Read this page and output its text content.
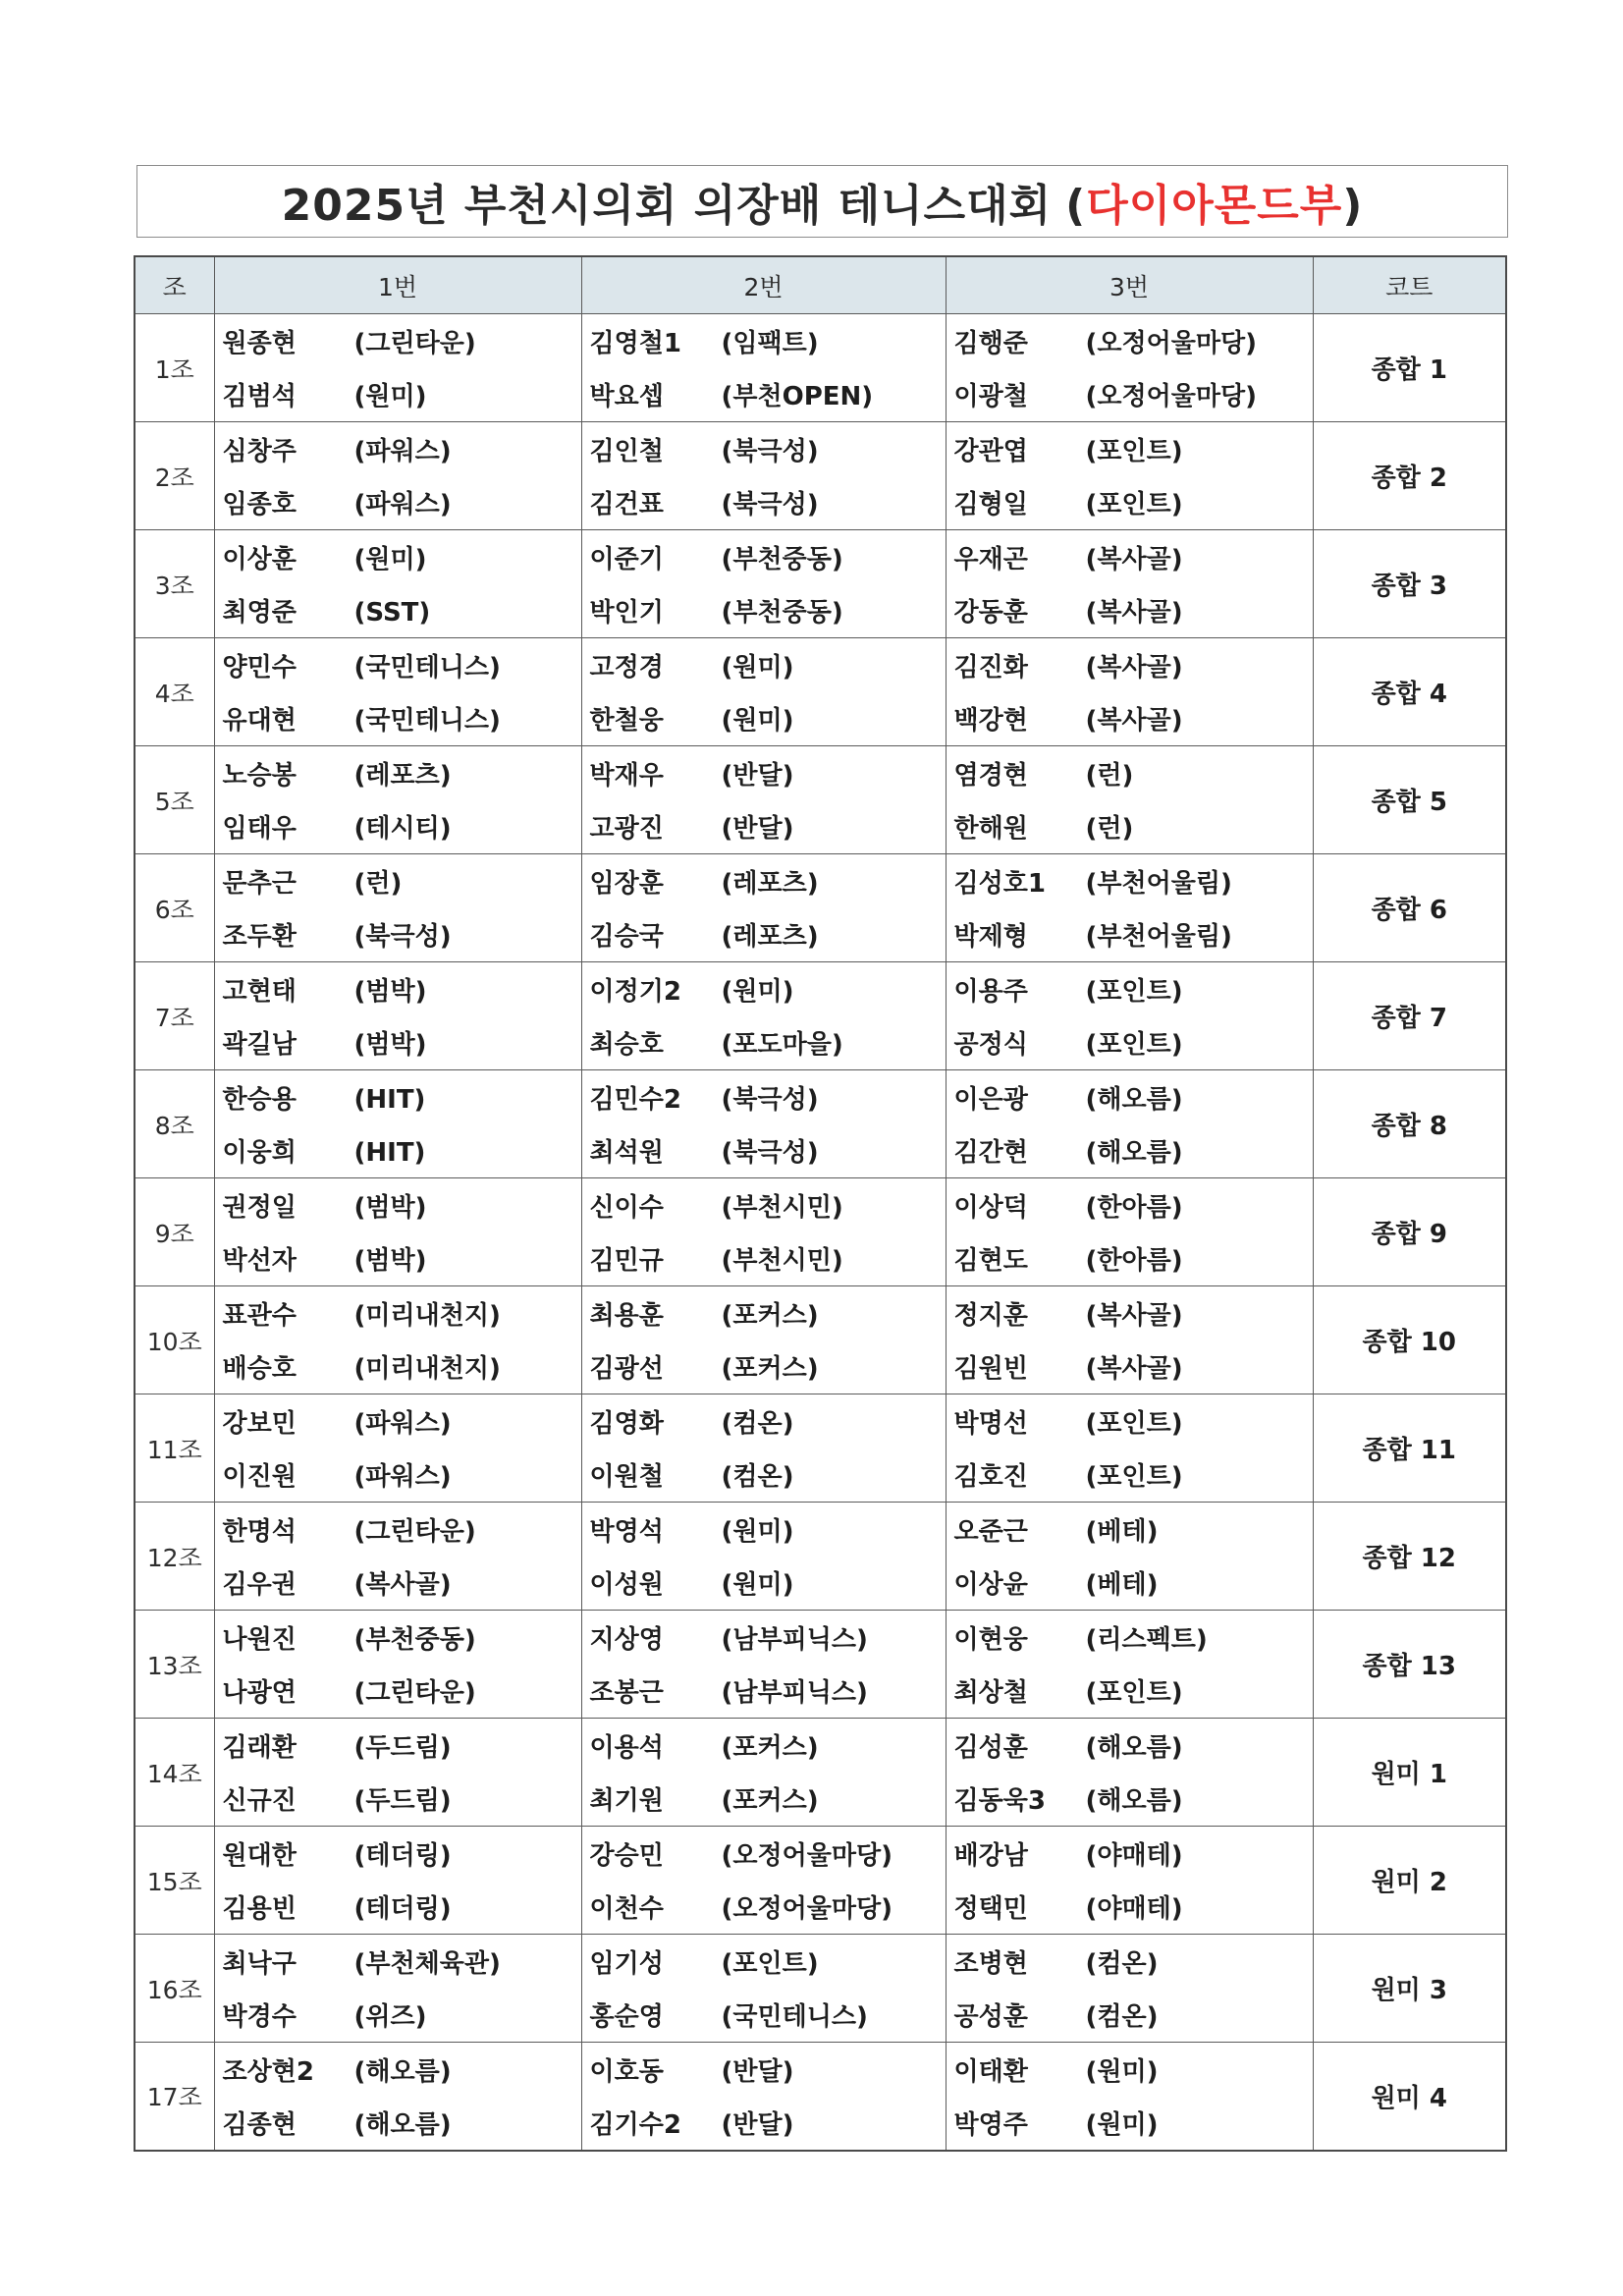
2025년 부천시의회 의장배 테니스대회 (다이아몬드부)
조	1번	2번	3번	코트
1조	원종현 (그린타운)	김영철1 (임팩트)	김행준 (오정어울마당)	종합 1
	김범석 (원미)	박요셉 (부천OPEN)	이광철 (오정어울마당)	
2조	심창주 (파워스)	김인철 (북극성)	강관엽 (포인트)	종합 2
	임종호 (파워스)	김건표 (북극성)	김형일 (포인트)	
3조	이상훈 (원미)	이준기 (부천중동)	우재곤 (복사골)	종합 3
	최영준 (SST)	박인기 (부천중동)	강동훈 (복사골)	
4조	양민수 (국민테니스)	고정경 (원미)	김진화 (복사골)	종합 4
	유대현 (국민테니스)	한철웅 (원미)	백강현 (복사골)	
5조	노승봉 (레포츠)	박재우 (반달)	염경현 (런)	종합 5
	임태우 (테시티)	고광진 (반달)	한해원 (런)	
6조	문추근 (런)	임장훈 (레포츠)	김성호1 (부천어울림)	종합 6
	조두환 (북극성)	김승국 (레포츠)	박제형 (부천어울림)	
7조	고현태 (범박)	이정기2 (원미)	이용주 (포인트)	종합 7
	곽길남 (범박)	최승호 (포도마을)	공정식 (포인트)	
8조	한승용 (HIT)	김민수2 (북극성)	이은광 (해오름)	종합 8
	이웅희 (HIT)	최석원 (북극성)	김간현 (해오름)	
9조	권정일 (범박)	신이수 (부천시민)	이상덕 (한아름)	종합 9
	박선자 (범박)	김민규 (부천시민)	김현도 (한아름)	
10조	표관수 (미리내천지)	최용훈 (포커스)	정지훈 (복사골)	종합 10
	배승호 (미리내천지)	김광선 (포커스)	김원빈 (복사골)	
11조	강보민 (파워스)	김영화 (컴온)	박명선 (포인트)	종합 11
	이진원 (파워스)	이원철 (컴온)	김호진 (포인트)	
12조	한명석 (그린타운)	박영석 (원미)	오준근 (베테)	종합 12
	김우권 (복사골)	이성원 (원미)	이상윤 (베테)	
13조	나원진 (부천중동)	지상영 (남부피닉스)	이현웅 (리스펙트)	종합 13
	나광연 (그린타운)	조봉근 (남부피닉스)	최상철 (포인트)	
14조	김래환 (두드림)	이용석 (포커스)	김성훈 (해오름)	원미 1
	신규진 (두드림)	최기원 (포커스)	김동욱3 (해오름)	
15조	원대한 (테더링)	강승민 (오정어울마당)	배강남 (야매테)	원미 2
	김용빈 (테더링)	이천수 (오정어울마당)	정택민 (야매테)	
16조	최낙구 (부천체육관)	임기성 (포인트)	조병현 (컴온)	원미 3
	박경수 (위즈)	홍순영 (국민테니스)	공성훈 (컴온)	
17조	조상현2 (해오름)	이호동 (반달)	이태환 (원미)	원미 4
	김종현 (해오름)	김기수2 (반달)	박영주 (원미)	
